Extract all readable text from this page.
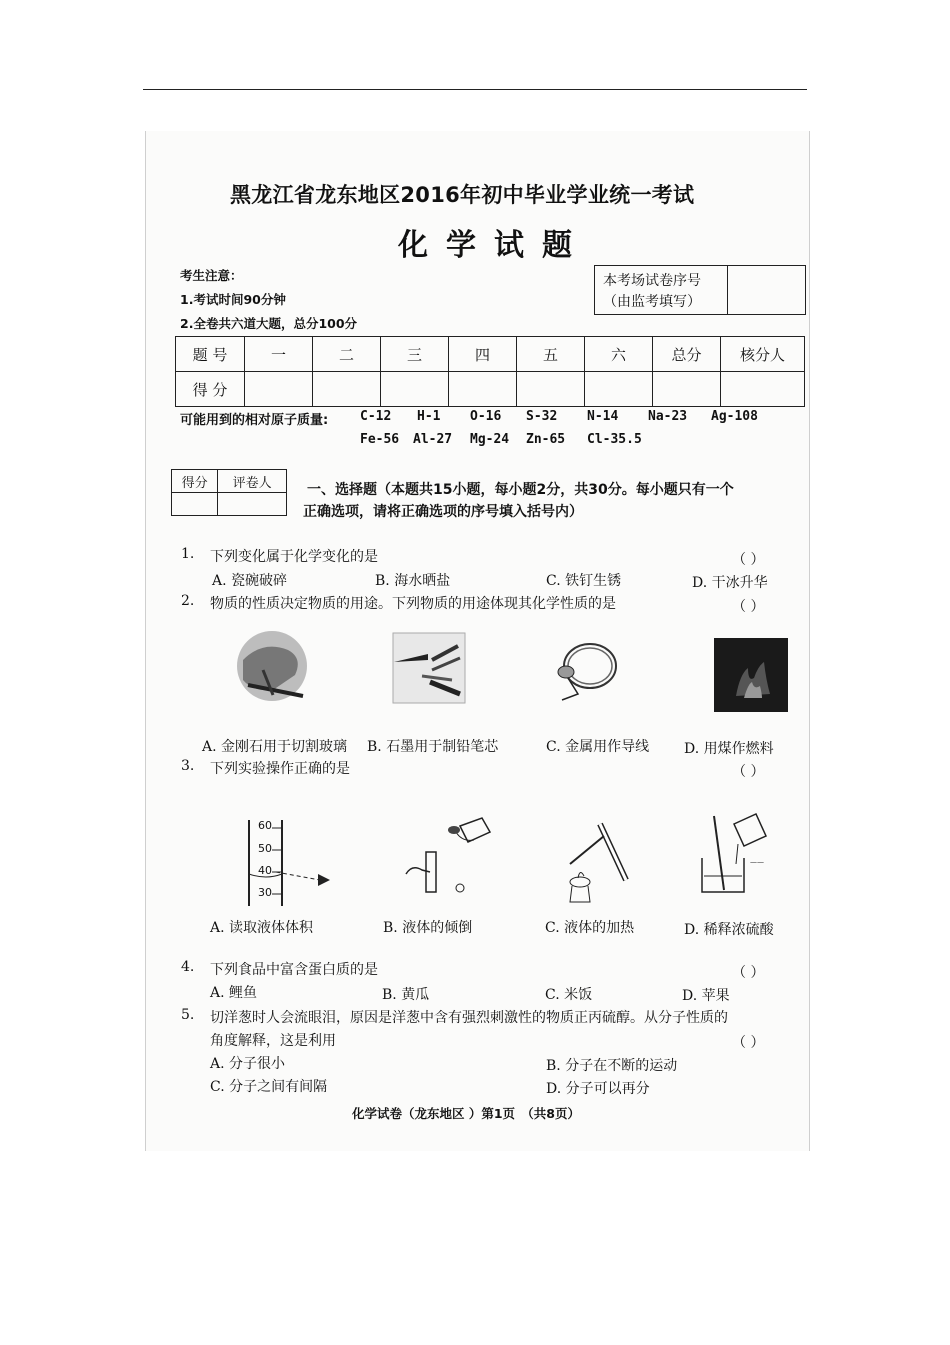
黑龙江省龙东地区2016年初中毕业学业统一考试
化学试题
考生注意：
1.考试时间90分钟
2.全卷共六道大题，总分100分
本考场试卷序号
（由监考填写）
题 号	一	二	三	四	五	六	总分	核分人
得 分								
可能用到的相对原子质量: C-12 H-1 O-16 S-32 N-14 Na-23 Ag-108
Fe-56 Al-27 Mg-24 Zn-65 Cl-35.5
得分	评卷人
		一、选择题（本题共15小题，每小题2分，共30分。每小题只有一个
正确选项，请将正确选项的序号填入括号内）
1. 下列变化属于化学变化的是	（ ）
A. 瓷碗破碎	B. 海水晒盐	C. 铁钉生锈	D. 干冰升华
2. 物质的性质决定物质的用途。下列物质的用途体现其化学性质的是	（ ）
A. 金刚石用于切割玻璃 B. 石墨用于制铅笔芯	C. 金属用作导线 D. 用煤作燃料
3. 下列实验操作正确的是	（ ）
60
50
40
30
——
A. 读取液体体积	B. 液体的倾倒	C. 液体的加热	D. 稀释浓硫酸
4. 下列食品中富含蛋白质的是	（ ）
A. 鲤鱼	B. 黄瓜	C. 米饭	D. 苹果
5. 切洋葱时人会流眼泪，原因是洋葱中含有强烈刺激性的物质正丙硫醇。从分子性质的
角度解释，这是利用	（ ）
A. 分子很小	B. 分子在不断的运动
C. 分子之间有间隔	D. 分子可以再分
化学试卷（龙东地区 ）第1页　（共8页）
